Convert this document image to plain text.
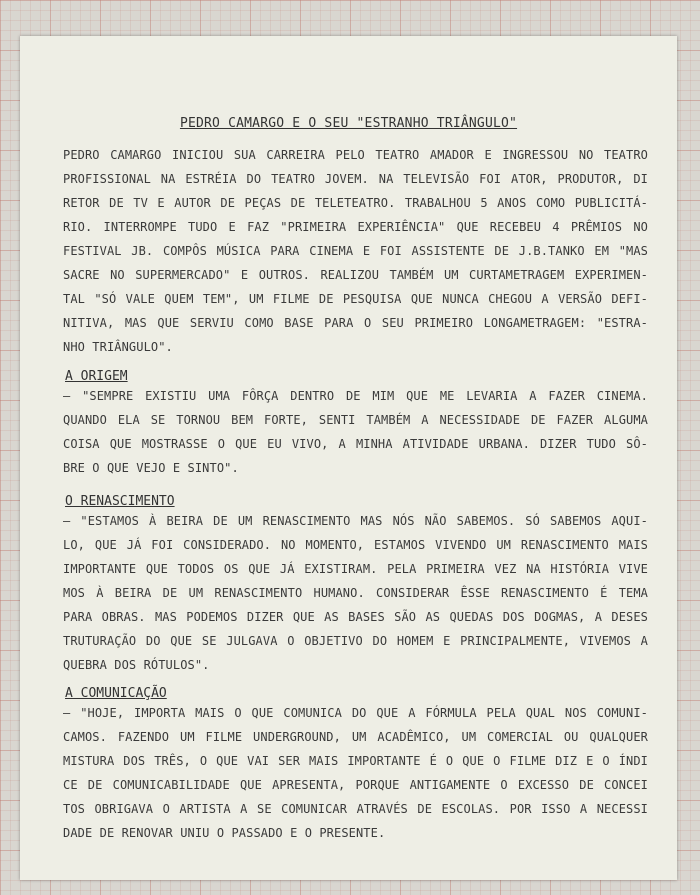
PEDRO CAMARGO E O SEU "ESTRANHO TRIÂNGULO"
PEDRO CAMARGO INICIOU SUA CARREIRA PELO TEATRO AMADOR E INGRESSOU NO TEATRO
PROFISSIONAL NA ESTRÉIA DO TEATRO JOVEM. NA TELEVISÃO FOI ATOR, PRODUTOR, DI
RETOR DE TV E AUTOR DE PEÇAS DE TELETEATRO. TRABALHOU 5 ANOS COMO PUBLICITÁ-
RIO. INTERROMPE TUDO E FAZ "PRIMEIRA EXPERIÊNCIA" QUE RECEBEU 4 PRÊMIOS NO
FESTIVAL JB. COMPÔS MÚSICA PARA CINEMA E FOI ASSISTENTE DE J.B.TANKO EM "MAS
SACRE NO SUPERMERCADO" E OUTROS. REALIZOU TAMBÉM UM CURTAMETRAGEM EXPERIMEN-
TAL "SÓ VALE QUEM TEM", UM FILME DE PESQUISA QUE NUNCA CHEGOU A VERSÃO DEFI-
NITIVA, MAS QUE SERVIU COMO BASE PARA O SEU PRIMEIRO LONGAMETRAGEM: "ESTRA-
NHO TRIÂNGULO".
A ORIGEM
— "SEMPRE EXISTIU UMA FÔRÇA DENTRO DE MIM QUE ME LEVARIA A FAZER CINEMA.
QUANDO ELA SE TORNOU BEM FORTE, SENTI TAMBÉM A NECESSIDADE DE FAZER ALGUMA
COISA QUE MOSTRASSE O QUE EU VIVO, A MINHA ATIVIDADE URBANA. DIZER TUDO SÔ-
BRE O QUE VEJO E SINTO".
O RENASCIMENTO
— "ESTAMOS À BEIRA DE UM RENASCIMENTO MAS NÓS NÃO SABEMOS. SÓ SABEMOS AQUI-
LO, QUE JÁ FOI CONSIDERADO. NO MOMENTO, ESTAMOS VIVENDO UM RENASCIMENTO MAIS
IMPORTANTE QUE TODOS OS QUE JÁ EXISTIRAM. PELA PRIMEIRA VEZ NA HISTÓRIA VIVE
MOS À BEIRA DE UM RENASCIMENTO HUMANO. CONSIDERAR ÊSSE RENASCIMENTO É TEMA
PARA OBRAS. MAS PODEMOS DIZER QUE AS BASES SÃO AS QUEDAS DOS DOGMAS, A DESES
TRUTURAÇÃO DO QUE SE JULGAVA O OBJETIVO DO HOMEM E PRINCIPALMENTE, VIVEMOS A
QUEBRA DOS RÓTULOS".
A COMUNICAÇÃO
— "HOJE, IMPORTA MAIS O QUE COMUNICA DO QUE A FÓRMULA PELA QUAL NOS COMUNI-
CAMOS. FAZENDO UM FILME UNDERGROUND, UM ACADÊMICO, UM COMERCIAL OU QUALQUER
MISTURA DOS TRÊS, O QUE VAI SER MAIS IMPORTANTE É O QUE O FILME DIZ E O ÍNDI
CE DE COMUNICABILIDADE QUE APRESENTA, PORQUE ANTIGAMENTE O EXCESSO DE CONCEI
TOS OBRIGAVA O ARTISTA A SE COMUNICAR ATRAVÉS DE ESCOLAS. POR ISSO A NECESSI
DADE DE RENOVAR UNIU O PASSADO E O PRESENTE.
